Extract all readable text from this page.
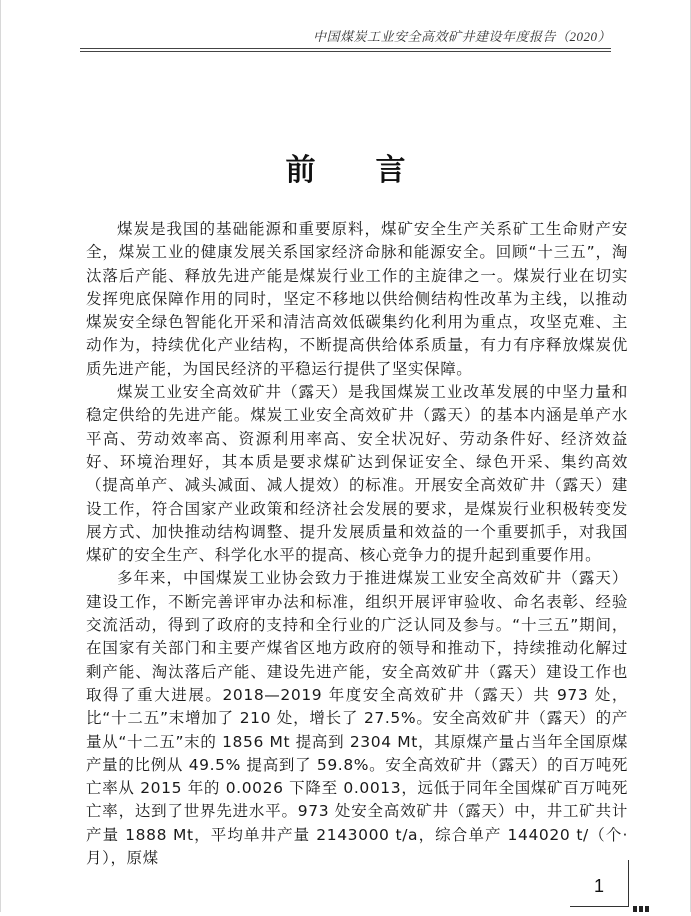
中国煤炭工业安全高效矿井建设年度报告（2020）
前言

煤炭是我国的基础能源和重要原料，煤矿安全生产关系矿工生命财产安全，煤炭工业的健康发展关系国家经济命脉和能源安全。回顾“十三五”，淘汰落后产能、释放先进产能是煤炭行业工作的主旋律之一。煤炭行业在切实发挥兜底保障作用的同时，坚定不移地以供给侧结构性改革为主线，以推动煤炭安全绿色智能化开采和清洁高效低碳集约化利用为重点，攻坚克难、主动作为，持续优化产业结构，不断提高供给体系质量，有力有序释放煤炭优质先进产能，为国民经济的平稳运行提供了坚实保障。

煤炭工业安全高效矿井（露天）是我国煤炭工业改革发展的中坚力量和稳定供给的先进产能。煤炭工业安全高效矿井（露天）的基本内涵是单产水平高、劳动效率高、资源利用率高、安全状况好、劳动条件好、经济效益好、环境治理好，其本质是要求煤矿达到保证安全、绿色开采、集约高效（提高单产、减头减面、减人提效）的标准。开展安全高效矿井（露天）建设工作，符合国家产业政策和经济社会发展的要求，是煤炭行业积极转变发展方式、加快推动结构调整、提升发展质量和效益的一个重要抓手，对我国煤矿的安全生产、科学化水平的提高、核心竞争力的提升起到重要作用。

多年来，中国煤炭工业协会致力于推进煤炭工业安全高效矿井（露天）建设工作，不断完善评审办法和标准，组织开展评审验收、命名表彰、经验交流活动，得到了政府的支持和全行业的广泛认同及参与。“十三五”期间，在国家有关部门和主要产煤省区地方政府的领导和推动下，持续推动化解过剩产能、淘汰落后产能、建设先进产能，安全高效矿井（露天）建设工作也取得了重大进展。2018—2019 年度安全高效矿井（露天）共 973 处，比“十二五”末增加了 210 处，增长了 27.5%。安全高效矿井（露天）的产量从“十二五”末的 1856 Mt 提高到 2304 Mt，其原煤产量占当年全国原煤产量的比例从 49.5% 提高到了 59.8%。安全高效矿井（露天）的百万吨死亡率从 2015 年的 0.0026 下降至 0.0013，远低于同年全国煤矿百万吨死亡率，达到了世界先进水平。973 处安全高效矿井（露天）中，井工矿共计产量 1888 Mt，平均单井产量 2143000 t/a，综合单产 144020 t/（个·月），原煤

1
